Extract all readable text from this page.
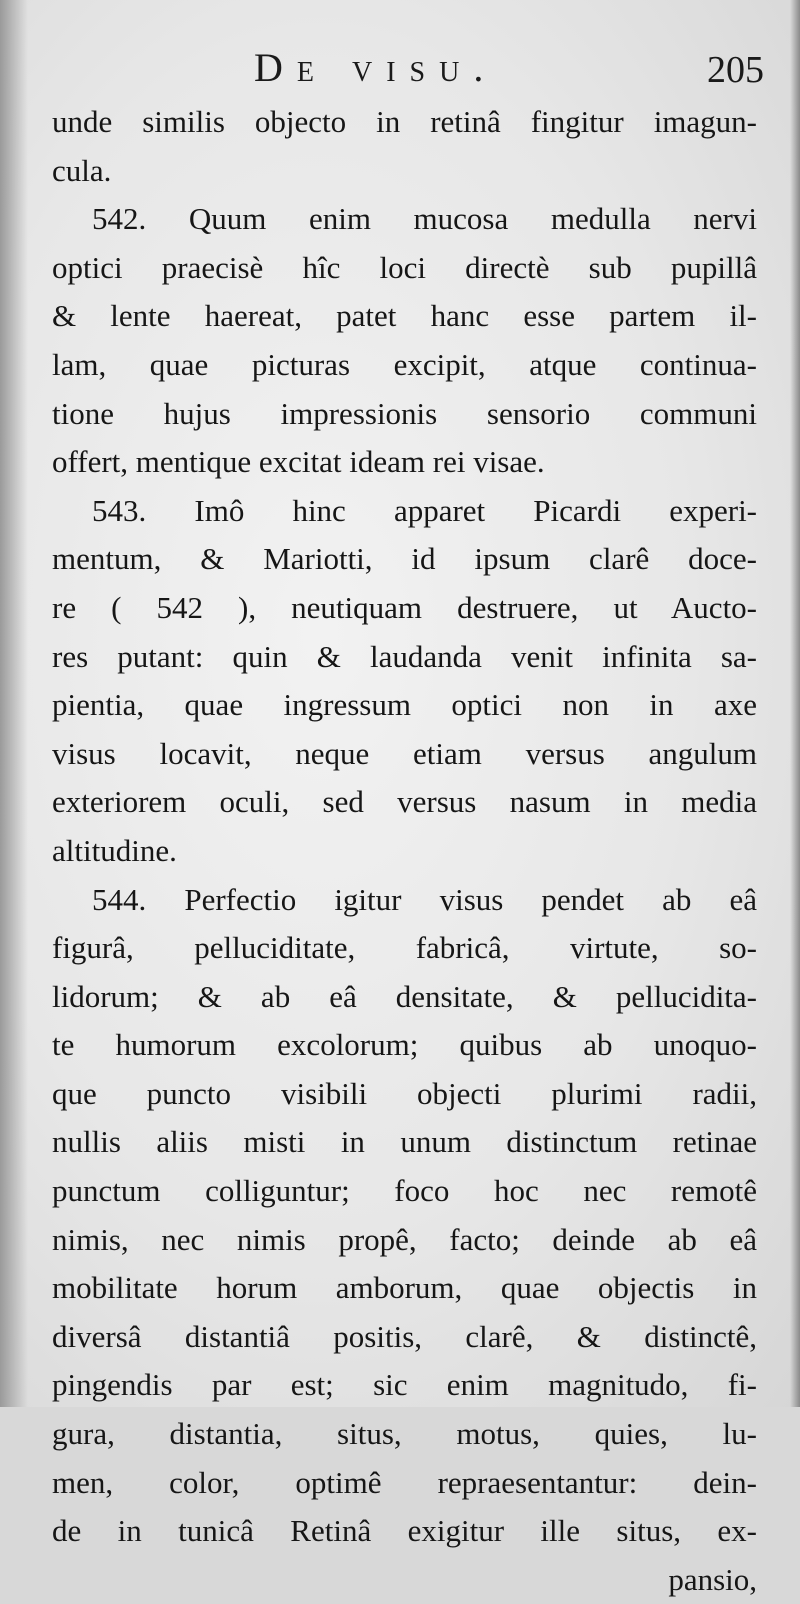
De visu.	205
unde similis objecto in retinâ fingitur imagun-
cula.
542. Quum enim mucosa medulla nervi
optici praecisè hîc loci directè sub pupillâ
& lente haereat, patet hanc esse partem il-
lam, quae picturas excipit, atque continua-
tione hujus impressionis sensorio communi
offert, mentique excitat ideam rei visae.
543. Imô hinc apparet Picardi experi-
mentum, & Mariotti, id ipsum clarê doce-
re ( 542 ), neutiquam destruere, ut Aucto-
res putant: quin & laudanda venit infinita sa-
pientia, quae ingressum optici non in axe
visus locavit, neque etiam versus angulum
exteriorem oculi, sed versus nasum in media
altitudine.
544. Perfectio igitur visus pendet ab eâ
figurâ, pelluciditate, fabricâ, virtute, so-
lidorum; & ab eâ densitate, & pellucidita-
te humorum excolorum; quibus ab unoquo-
que puncto visibili objecti plurimi radii,
nullis aliis misti in unum distinctum retinae
punctum colliguntur; foco hoc nec remotê
nimis, nec nimis propê, facto; deinde ab eâ
mobilitate horum amborum, quae objectis in
diversâ distantiâ positis, clarê, & distinctê,
pingendis par est; sic enim magnitudo, fi-
gura, distantia, situs, motus, quies, lu-
men, color, optimê repraesentantur: dein-
de in tunicâ Retinâ exigitur ille situs, ex-
pansio,
